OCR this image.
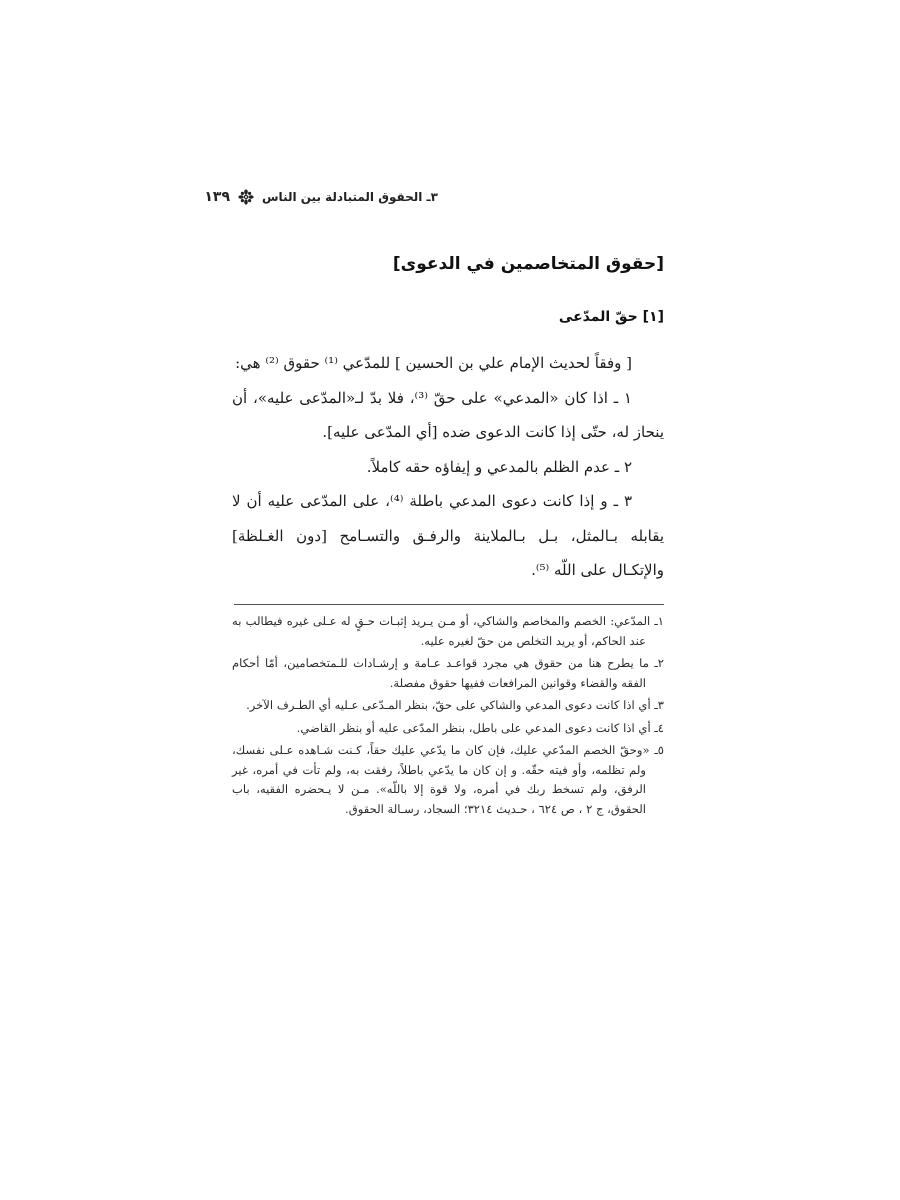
٣ـ الحقوق المتبادلة بين الناس
١٣٩
[حقوق المتخاصمين في الدعوى]
[١] حقّ المدّعى

[ وفقاً لحديث الإمام علي بن الحسين ] للمدّعي ⁽¹⁾ حقوق ⁽²⁾ هي:

١ ـ اذا كان «المدعي» على حقّ ⁽³⁾، فلا بدّ لـ«المدّعى عليه»، أن ينحاز له، حتّى إذا كانت الدعوى ضده [أي المدّعى عليه].

٢ ـ عدم الظلم بالمدعي و إيفاؤه حقه كاملاً.

٣ ـ و إذا كانت دعوى المدعي باطلة ⁽⁴⁾، على المدّعى عليه أن لا يقابله بـالمثل، بـل بـالملاينة والرفـق والتسـامح [دون الغـلظة] والإتكـال على اللّه ⁽⁵⁾.

١ـ المدّعي: الخصم والمخاصم والشاكي، أو مـن يـريد إثبـات حـقٍ له عـلى غيره فيطالب به عند الحاكم، أو يريد التخلص من حقّ لغيره عليه.

٢ـ ما يطرح هنا من حقوق هي مجرد قواعـد عـامة و إرشـادات للـمتخصامين، أمّا أحكام الفقه والقضاء وقوانين المرافعات ففيها حقوق مفصلة.

٣ـ أي اذا كانت دعوى المدعي والشاكي على حقّ، بنظر المـدّعى عـليه أي الطـرف الآخر.

٤ـ أي اذا كانت دعوى المدعي على باطل، بنظر المدّعى عليه أو بنظر القاضي.

٥ـ «وحقّ الخصم المدّعي عليك، فإن كان ما يدّعي عليك حقاً، كـنت شـاهده عـلى نفسك، ولم تظلمه، وأو فيته حقّه. و إن كان ما يدّعي باطلاً، رفقت به، ولم تأت في أمره، غير الرفق، ولم تسخط ربك في أمره، ولا قوة إلا باللّه». مـن لا يـحضره الفقيه، باب الحقوق، ج ٢ ، ص ٦٢٤ ، حـديث ٣٢١٤؛ السجاد، رسـالة الحقوق.
